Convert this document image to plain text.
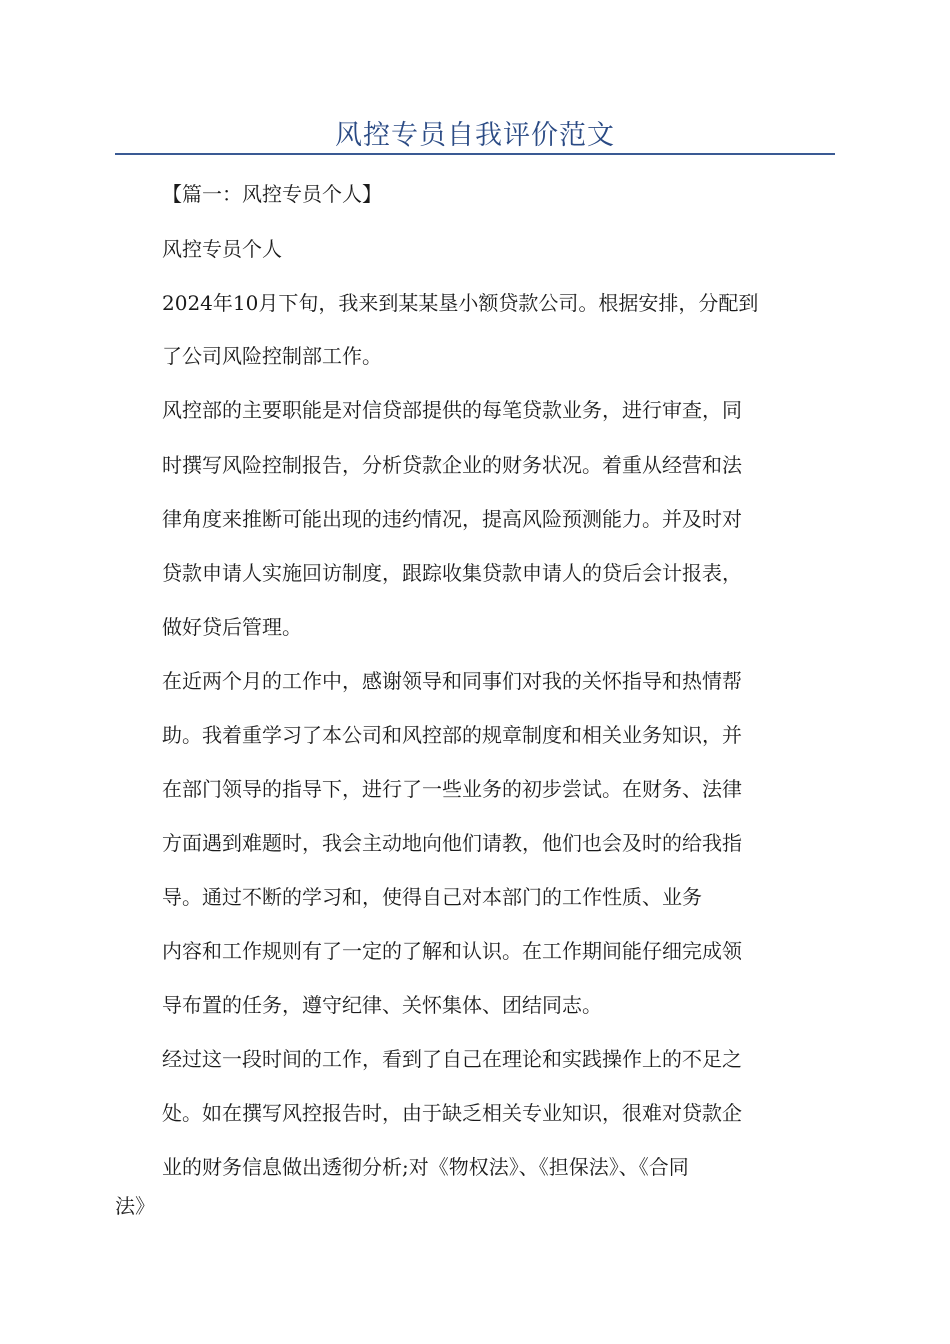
风控专员自我评价范文
【篇一：风控专员个人】
风控专员个人
2024年10月下旬，我来到某某垦小额贷款公司。根据安排，分配到
了公司风险控制部工作。
风控部的主要职能是对信贷部提供的每笔贷款业务，进行审查，同
时撰写风险控制报告，分析贷款企业的财务状况。着重从经营和法
律角度来推断可能出现的违约情况，提高风险预测能力。并及时对
贷款申请人实施回访制度，跟踪收集贷款申请人的贷后会计报表，
做好贷后管理。
在近两个月的工作中，感谢领导和同事们对我的关怀指导和热情帮
助。我着重学习了本公司和风控部的规章制度和相关业务知识，并
在部门领导的指导下，进行了一些业务的初步尝试。在财务、法律
方面遇到难题时，我会主动地向他们请教，他们也会及时的给我指
导。通过不断的学习和，使得自己对本部门的工作性质、业务
内容和工作规则有了一定的了解和认识。在工作期间能仔细完成领
导布置的任务，遵守纪律、关怀集体、团结同志。
经过这一段时间的工作，看到了自己在理论和实践操作上的不足之
处。如在撰写风控报告时，由于缺乏相关专业知识，很难对贷款企
业的财务信息做出透彻分析;对《物权法》、《担保法》、《合同
法》
